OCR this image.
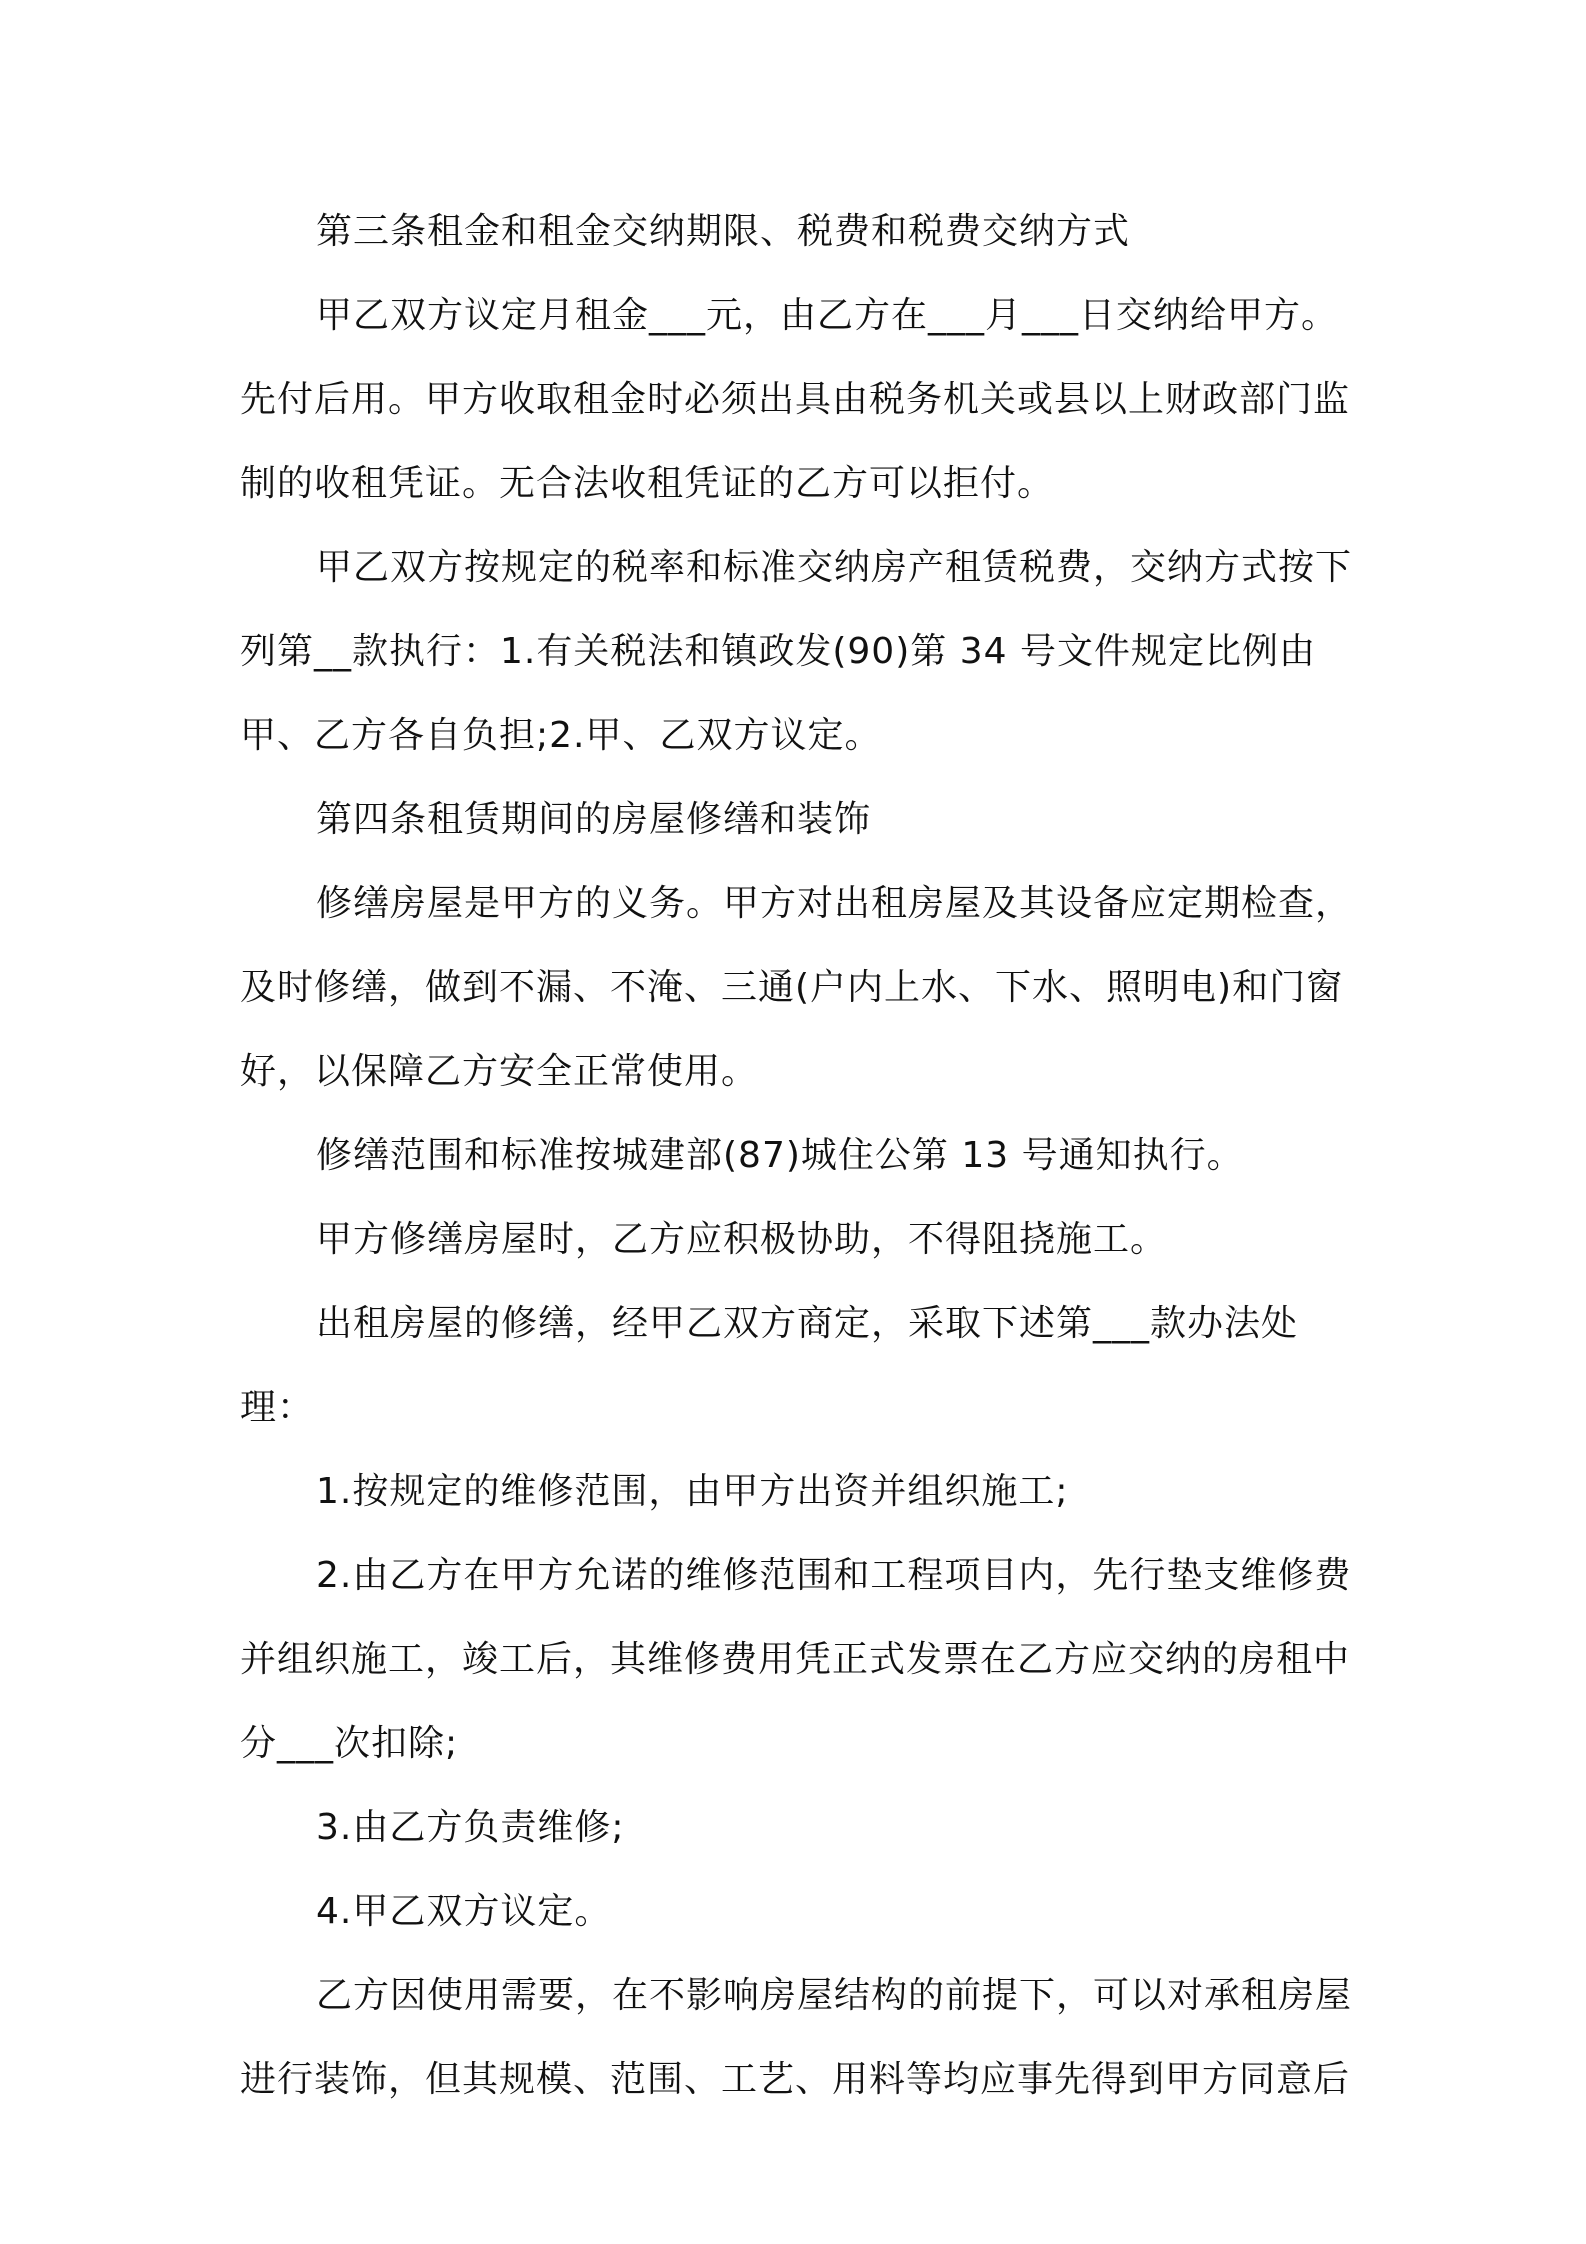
第三条租金和租金交纳期限、税费和税费交纳方式

甲乙双方议定月租金___元，由乙方在___月___日交纳给甲方。先付后用。甲方收取租金时必须出具由税务机关或县以上财政部门监制的收租凭证。无合法收租凭证的乙方可以拒付。

甲乙双方按规定的税率和标准交纳房产租赁税费，交纳方式按下列第__款执行：1.有关税法和镇政发(90)第 34 号文件规定比例由甲、乙方各自负担;2.甲、乙双方议定。

第四条租赁期间的房屋修缮和装饰

修缮房屋是甲方的义务。甲方对出租房屋及其设备应定期检查，及时修缮，做到不漏、不淹、三通(户内上水、下水、照明电)和门窗好，以保障乙方安全正常使用。

修缮范围和标准按城建部(87)城住公第 13 号通知执行。

甲方修缮房屋时，乙方应积极协助，不得阻挠施工。

出租房屋的修缮，经甲乙双方商定，采取下述第___款办法处理：

1.按规定的维修范围，由甲方出资并组织施工;

2.由乙方在甲方允诺的维修范围和工程项目内，先行垫支维修费并组织施工，竣工后，其维修费用凭正式发票在乙方应交纳的房租中分___次扣除;

3.由乙方负责维修;

4.甲乙双方议定。

乙方因使用需要，在不影响房屋结构的前提下，可以对承租房屋进行装饰，但其规模、范围、工艺、用料等均应事先得到甲方同意后
